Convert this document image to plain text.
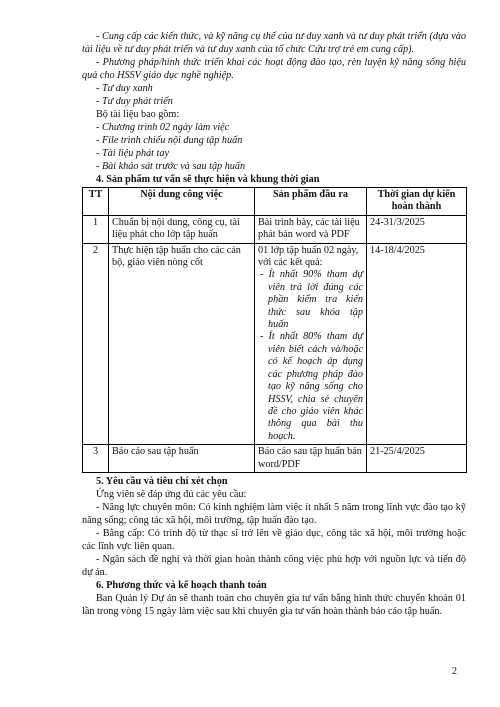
- Cung cấp các kiến thức, và kỹ năng cụ thể của tư duy xanh và tư duy phát triển (dựa vào tài liệu về tư duy phát triển và tư duy xanh của tổ chức Cứu trợ trẻ em cung cấp).

- Phương pháp/hình thức triển khai các hoạt động đào tạo, rèn luyện kỹ năng sống hiệu quả cho HSSV giáo dục nghề nghiệp.

- Tư duy xanh

- Tư duy phát triển

Bộ tài liệu bao gồm:

- Chương trình 02 ngày làm việc

- File trình chiếu nội dung tập huấn

- Tài liệu phát tay

- Bài khảo sát trước và sau tập huấn

4. Sản phẩm tư vấn sẽ thực hiện và khung thời gian

TT	Nội dung công việc	Sản phẩm đầu ra	Thời gian dự kiến hoàn thành
1	Chuẩn bị nội dung, công cụ, tài liệu phát cho lớp tập huấn	Bài trình bày, các tài liệu phát bản word và PDF	24-31/3/2025
2	Thực hiện tập huấn cho các cán bộ, giáo viên nòng cốt	01 lớp tập huấn 02 ngày, với các kết quả:
- Ít nhất 90% tham dự viên trả lời đúng các phần kiểm tra kiến thức sau khóa tập huấn
- Ít nhất 80% tham dự viên biết cách và/hoặc có kế hoạch áp dụng các phương pháp đào tạo kỹ năng sống cho HSSV, chia sẻ chuyên đề cho giáo viên khác thông qua bài thu hoạch.	14-18/4/2025
3	Báo cáo sau tập huấn	Báo cáo sau tập huấn bản word/PDF	21-25/4/2025

5. Yêu cầu và tiêu chí xét chọn

Ứng viên sẽ đáp ứng đủ các yêu cầu:

- Năng lực chuyên môn: Có kinh nghiệm làm việc ít nhất 5 năm trong lĩnh vực đào tạo kỹ năng sống; công tác xã hội, môi trường, tập huấn đào tạo.

- Bằng cấp: Có trình độ từ thạc sĩ trở lên về giáo dục, công tác xã hội, môi trường hoặc các lĩnh vực liên quan.

- Ngân sách đề nghị và thời gian hoàn thành công việc phù hợp với nguồn lực và tiến độ dự án.

6. Phương thức và kế hoạch thanh toán

Ban Quản lý Dự án sẽ thanh toán cho chuyên gia tư vấn bằng hình thức chuyển khoản 01 lần trong vòng 15 ngày làm việc sau khi chuyên gia tư vấn hoàn thành báo cáo tập huấn.

2
